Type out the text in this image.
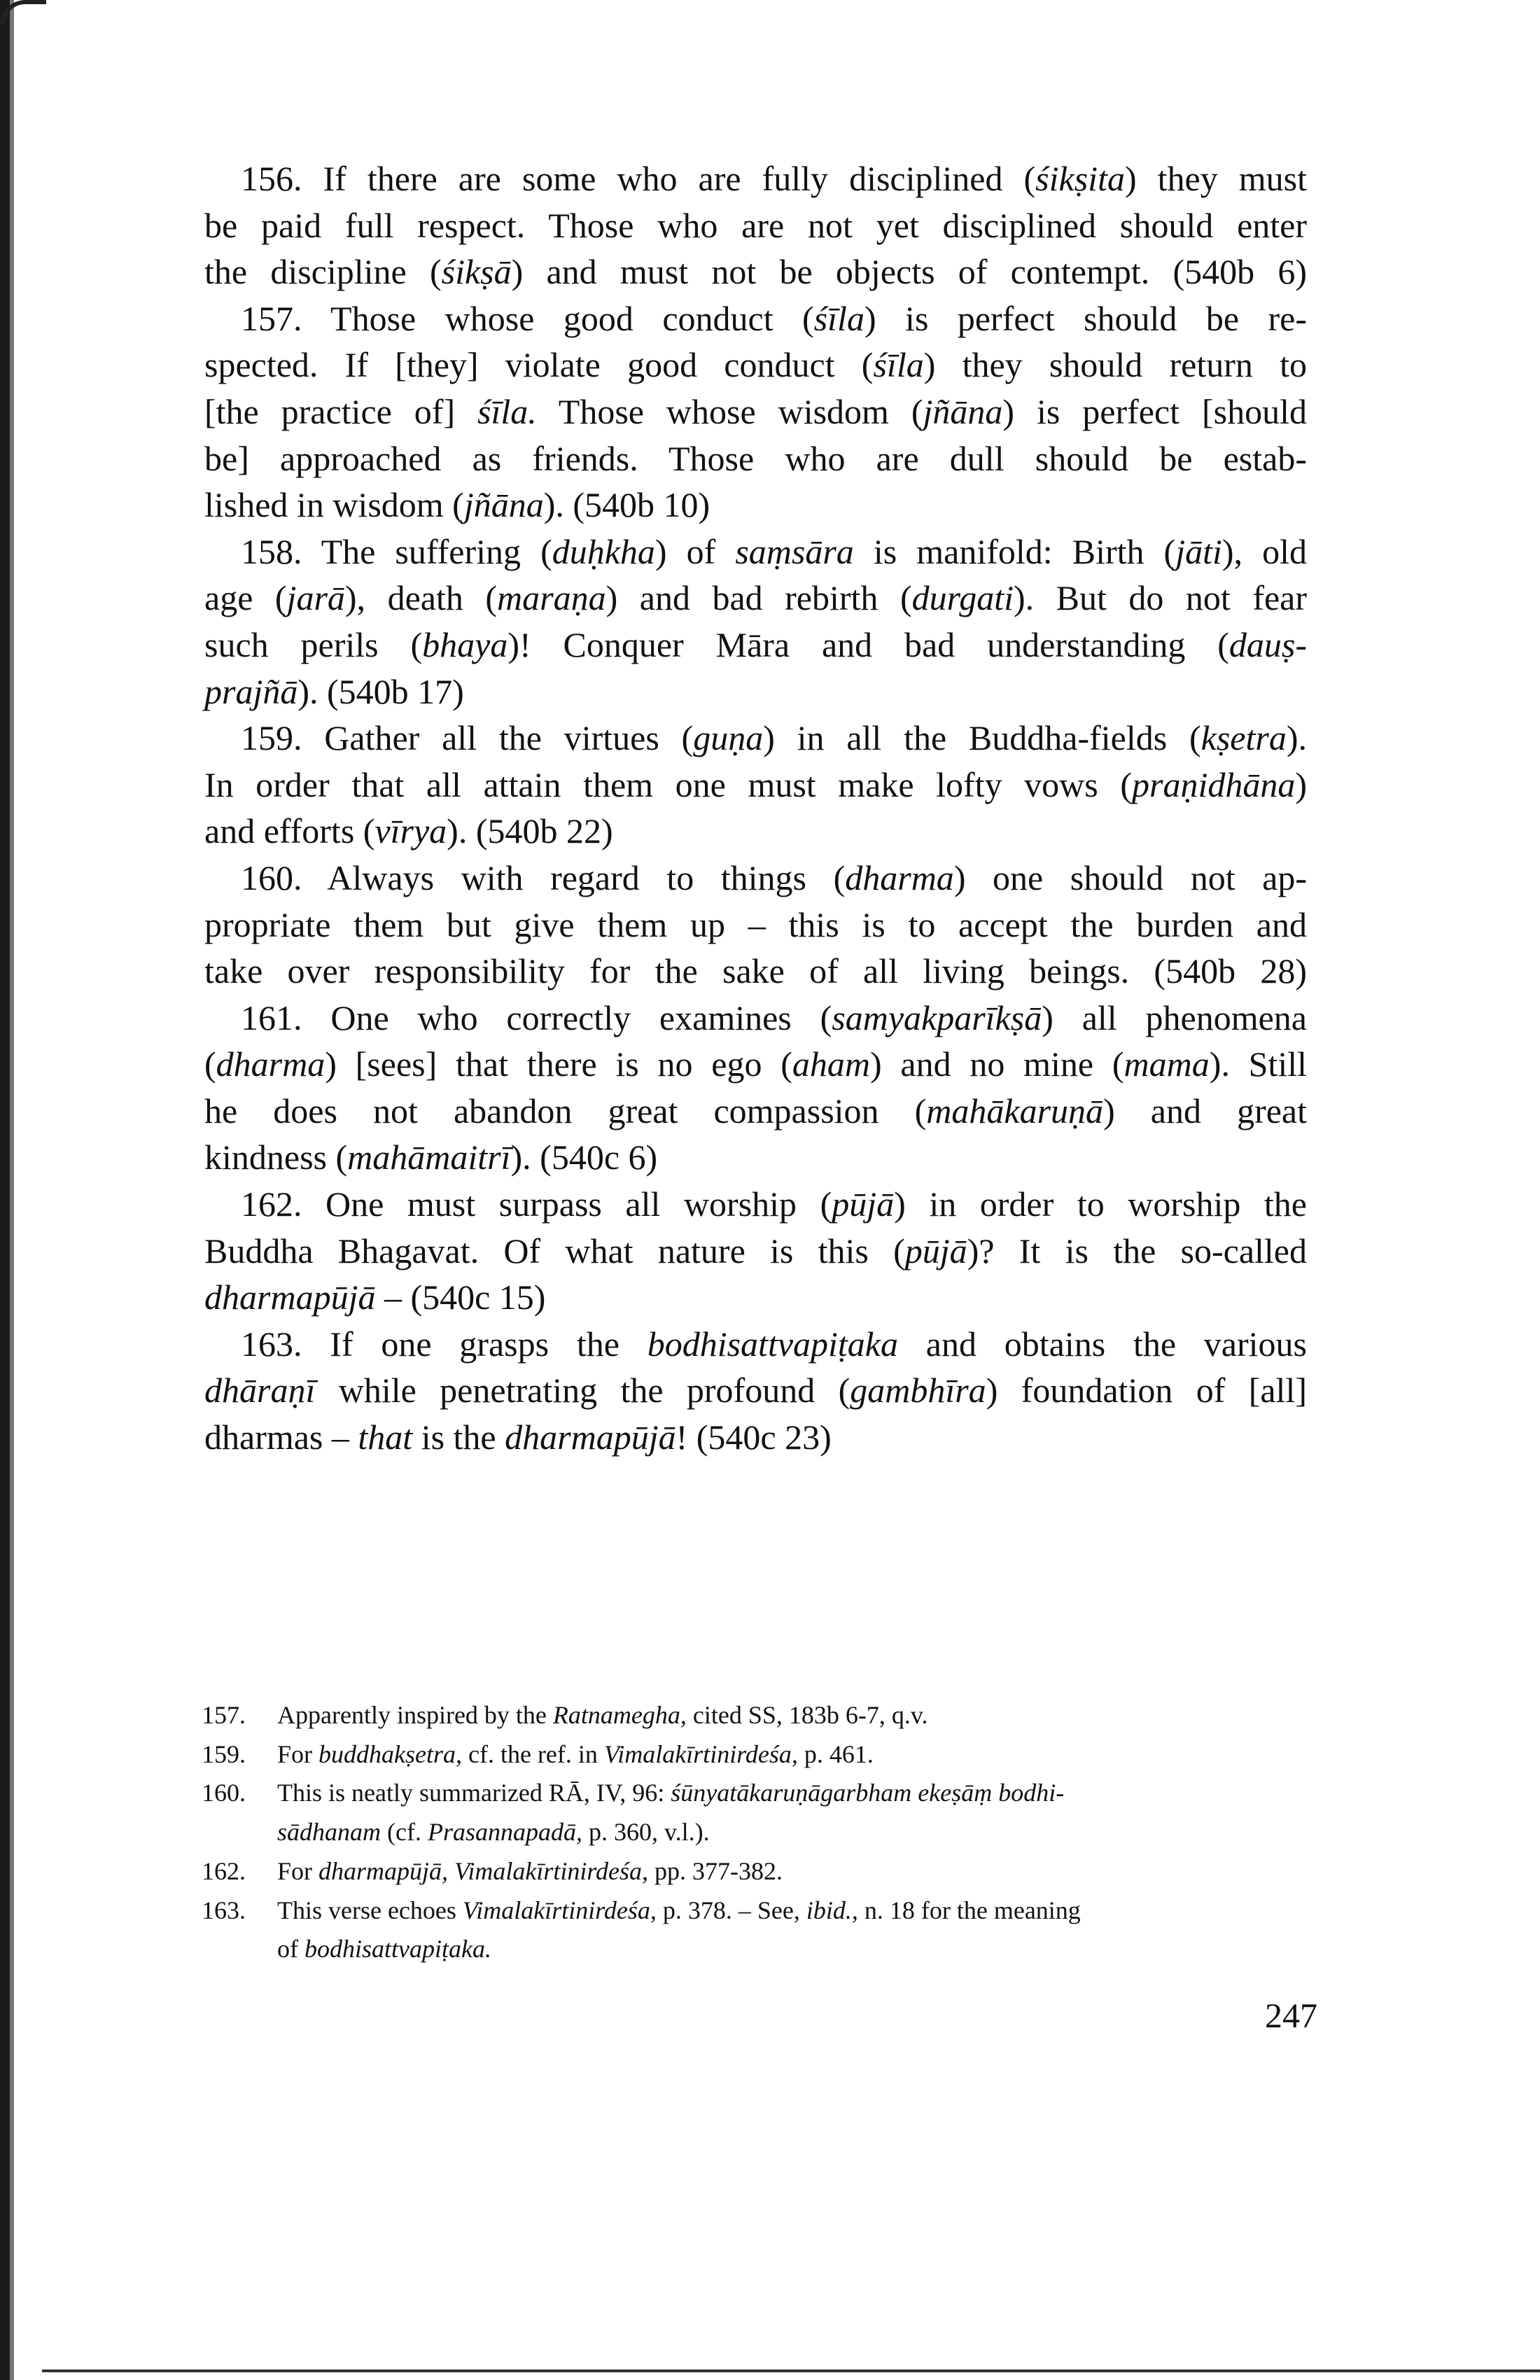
156. If there are some who are fully disciplined (śikṣita) they must
be paid full respect. Those who are not yet disciplined should enter
the discipline (śikṣā) and must not be objects of contempt. (540b 6)
157. Those whose good conduct (śīla) is perfect should be re-
spected. If [they] violate good conduct (śīla) they should return to
[the practice of] śīla. Those whose wisdom (jñāna) is perfect [should
be] approached as friends. Those who are dull should be estab-
lished in wisdom (jñāna). (540b 10)
158. The suffering (duḥkha) of saṃsāra is manifold: Birth (jāti), old
age (jarā), death (maraṇa) and bad rebirth (durgati). But do not fear
such perils (bhaya)! Conquer Māra and bad understanding (dauṣ-
prajñā). (540b 17)
159. Gather all the virtues (guṇa) in all the Buddha-fields (kṣetra).
In order that all attain them one must make lofty vows (praṇidhāna)
and efforts (vīrya). (540b 22)
160. Always with regard to things (dharma) one should not ap-
propriate them but give them up – this is to accept the burden and
take over responsibility for the sake of all living beings. (540b 28)
161. One who correctly examines (samyakparīkṣā) all phenomena
(dharma) [sees] that there is no ego (aham) and no mine (mama). Still
he does not abandon great compassion (mahākaruṇā) and great
kindness (mahāmaitrī). (540c 6)
162. One must surpass all worship (pūjā) in order to worship the
Buddha Bhagavat. Of what nature is this (pūjā)? It is the so-called
dharmapūjā – (540c 15)
163. If one grasps the bodhisattvapiṭaka and obtains the various
dhāraṇī while penetrating the profound (gambhīra) foundation of [all]
dharmas – that is the dharmapūjā! (540c 23)
157. Apparently inspired by the Ratnamegha, cited SS, 183b 6-7, q.v.
159. For buddhakṣetra, cf. the ref. in Vimalakīrtinirdeśa, p. 461.
160. This is neatly summarized RĀ, IV, 96: śūnyatākaruṇāgarbham ekeṣāṃ bodhi-
sādhanam (cf. Prasannapadā, p. 360, v.l.).
162. For dharmapūjā, Vimalakīrtinirdeśa, pp. 377-382.
163. This verse echoes Vimalakīrtinirdeśa, p. 378. – See, ibid., n. 18 for the meaning
of bodhisattvapiṭaka.
247
